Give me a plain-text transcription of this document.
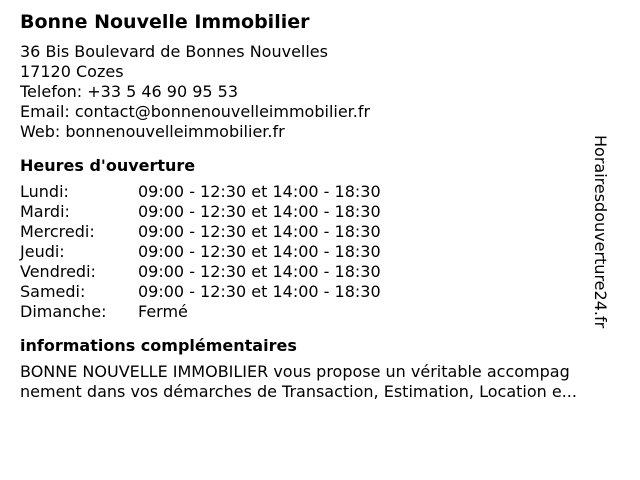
Bonne Nouvelle Immobilier
36 Bis Boulevard de Bonnes Nouvelles
17120 Cozes
Telefon: +33 5 46 90 95 53
Email: contact@bonnenouvelleimmobilier.fr
Web: bonnenouvelleimmobilier.fr
Heures d'ouverture
Lundi:	09:00 - 12:30 et 14:00 - 18:30
Mardi:	09:00 - 12:30 et 14:00 - 18:30
Mercredi:	09:00 - 12:30 et 14:00 - 18:30
Jeudi:	09:00 - 12:30 et 14:00 - 18:30
Vendredi:	09:00 - 12:30 et 14:00 - 18:30
Samedi:	09:00 - 12:30 et 14:00 - 18:30
Dimanche:	Fermé
informations complémentaires
BONNE NOUVELLE IMMOBILIER vous propose un véritable accompag
nement dans vos démarches de Transaction, Estimation, Location e...
Horairesdouverture24.fr
